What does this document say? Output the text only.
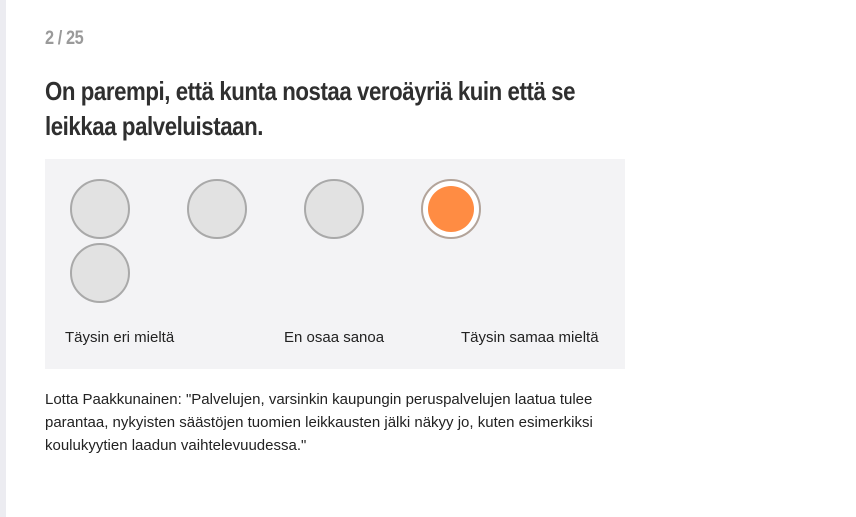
2 / 25
On parempi, että kunta nostaa veroäyriä kuin että se leikkaa palveluistaan.
Täysin eri mieltä	En osaa sanoa	Täysin samaa mieltä

Lotta Paakkunainen: "Palvelujen, varsinkin kaupungin peruspalvelujen laatua tulee parantaa, nykyisten säästöjen tuomien leikkausten jälki näkyy jo, kuten esimerkiksi koulukyytien laadun vaihtelevuudessa."
